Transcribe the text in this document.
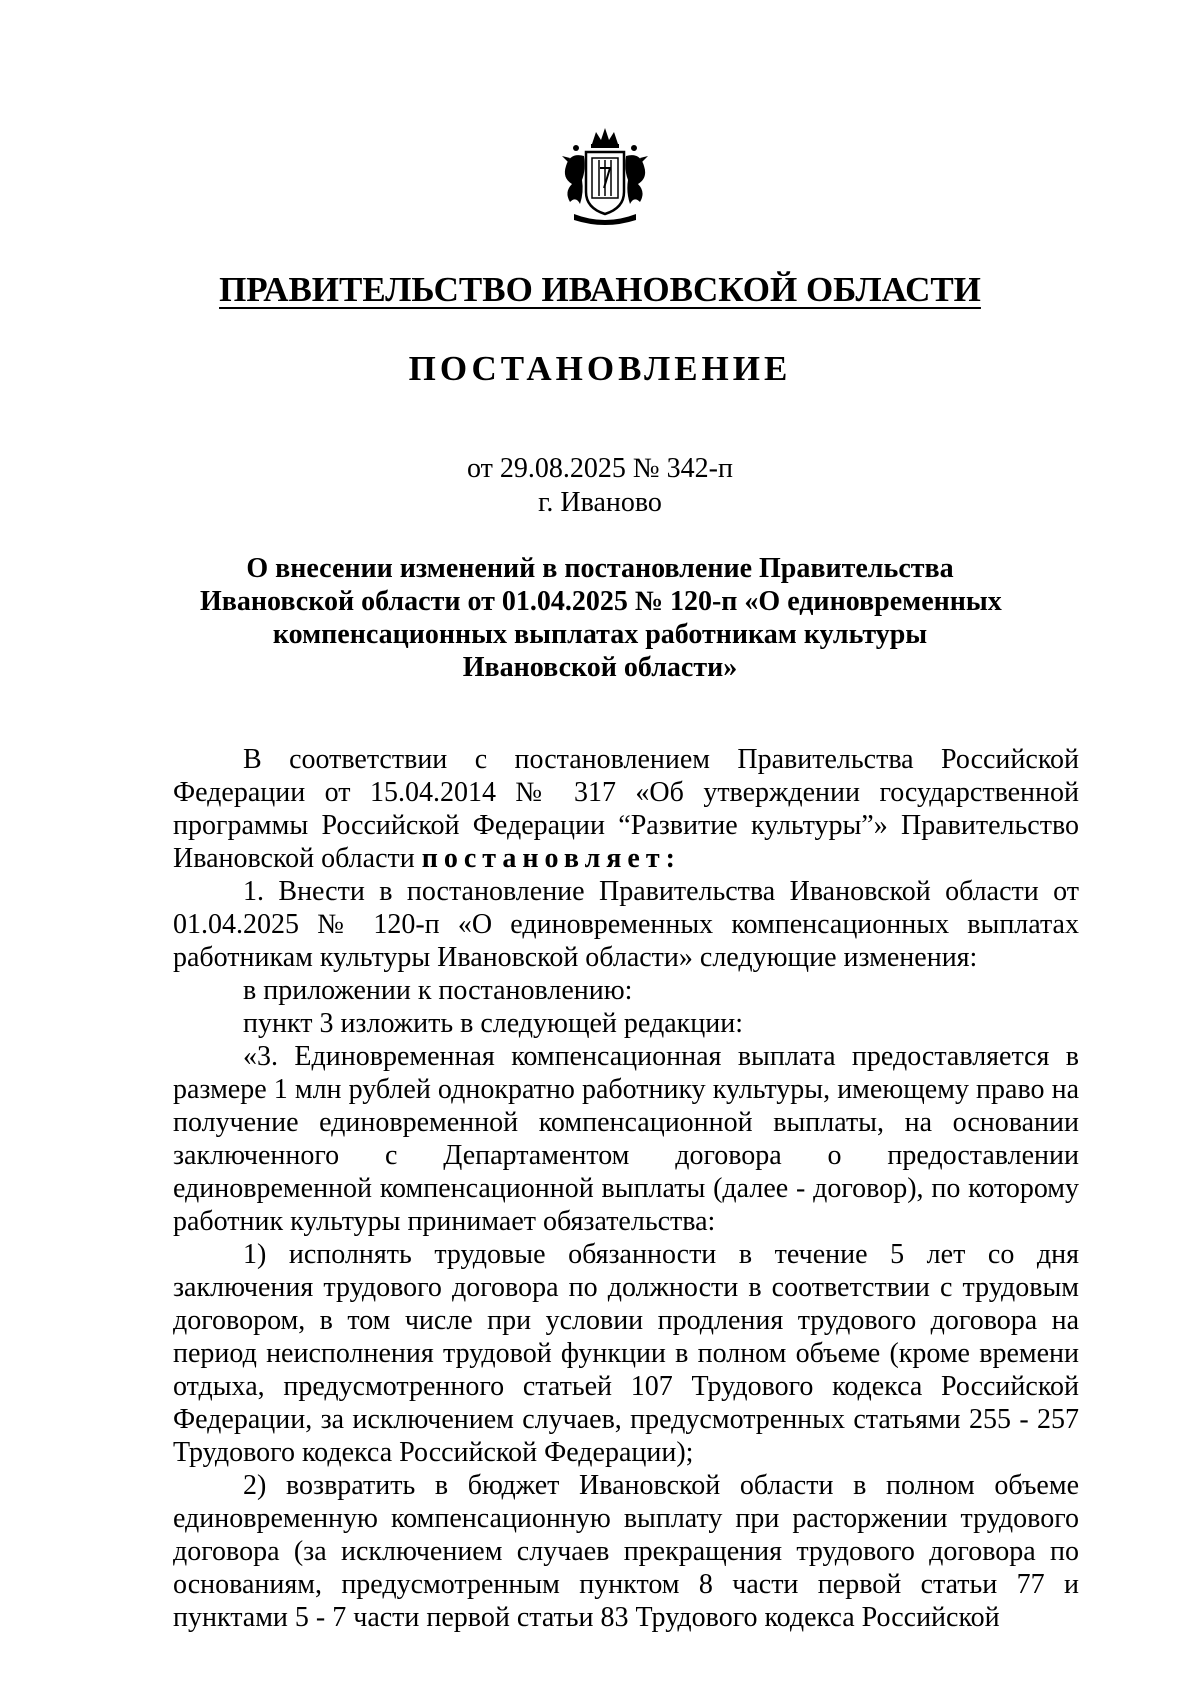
ПРАВИТЕЛЬСТВО ИВАНОВСКОЙ ОБЛАСТИ
ПОСТАНОВЛЕНИЕ
от 29.08.2025 № 342-п
г. Иваново
О внесении изменений в постановление Правительства
Ивановской области от 01.04.2025 № 120-п «О единовременных
компенсационных выплатах работникам культуры
Ивановской области»

В соответствии с постановлением Правительства Российской Федерации от 15.04.2014 № 317 «Об утверждении государственной программы Российской Федерации “Развитие культуры”» Правительство Ивановской области постановляет:

1. Внести в постановление Правительства Ивановской области от 01.04.2025 № 120-п «О единовременных компенсационных выплатах работникам культуры Ивановской области» следующие изменения:

в приложении к постановлению:

пункт 3 изложить в следующей редакции:

«3. Единовременная компенсационная выплата предоставляется в размере 1 млн рублей однократно работнику культуры, имеющему право на получение единовременной компенсационной выплаты, на основании заключенного с Департаментом договора о предоставлении единовременной компенсационной выплаты (далее - договор), по которому работник культуры принимает обязательства:

1) исполнять трудовые обязанности в течение 5 лет со дня заключения трудового договора по должности в соответствии с трудовым договором, в том числе при условии продления трудового договора на период неисполнения трудовой функции в полном объеме (кроме времени отдыха, предусмотренного статьей 107 Трудового кодекса Российской Федерации, за исключением случаев, предусмотренных статьями 255 - 257 Трудового кодекса Российской Федерации);

2) возвратить в бюджет Ивановской области в полном объеме единовременную компенсационную выплату при расторжении трудового договора (за исключением случаев прекращения трудового договора по основаниям, предусмотренным пунктом 8 части первой статьи 77 и пунктами 5 - 7 части первой статьи 83 Трудового кодекса Российской
